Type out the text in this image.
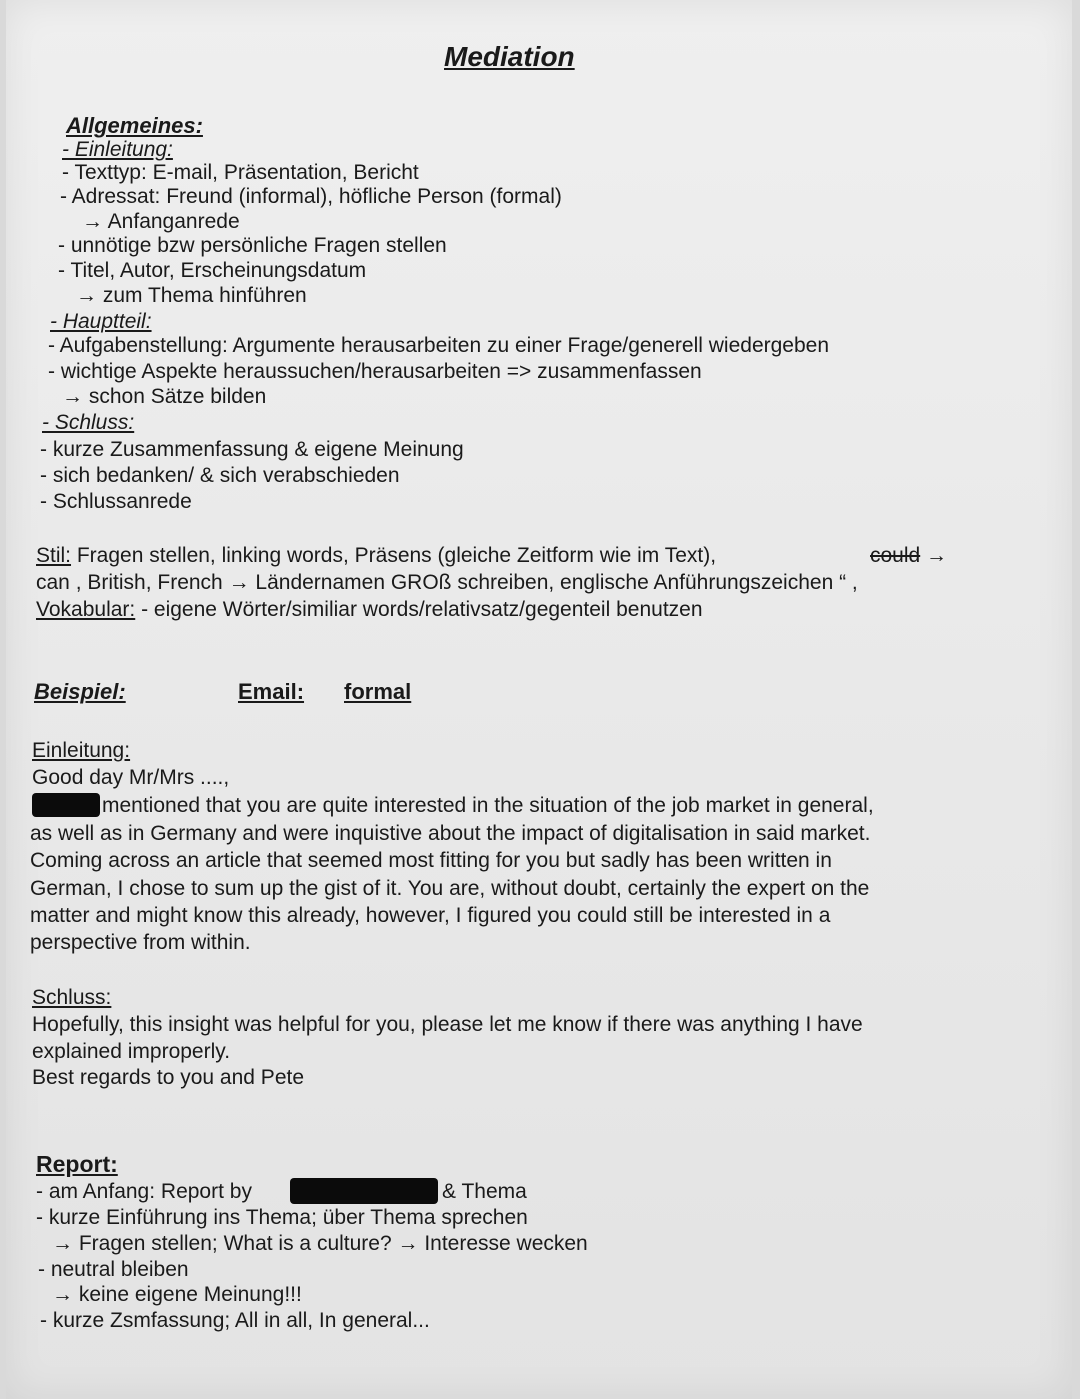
Mediation
Allgemeines:
- Einleitung:
- Texttyp: E-mail, Präsentation, Bericht
- Adressat: Freund (informal), höfliche Person (formal)
→ Anfanganrede
- unnötige bzw persönliche Fragen stellen
- Titel, Autor, Erscheinungsdatum
→ zum Thema hinführen
- Hauptteil:
- Aufgabenstellung: Argumente herausarbeiten zu einer Frage/generell wiedergeben
- wichtige Aspekte heraussuchen/herausarbeiten => zusammenfassen
→ schon Sätze bilden
- Schluss:
- kurze Zusammenfassung & eigene Meinung
- sich bedanken/ & sich verabschieden
- Schlussanrede
Stil: Fragen stellen, linking words, Präsens (gleiche Zeitform wie im Text),	could →
can , British, French → Ländernamen GROß schreiben, englische Anführungszeichen “ ,
Vokabular: - eigene Wörter/similiar words/relativsatz/gegenteil benutzen
Beispiel:	Email: formal
Einleitung:
Good day Mr/Mrs ....,
mentioned that you are quite interested in the situation of the job market in general,
as well as in Germany and were inquistive about the impact of digitalisation in said market.
Coming across an article that seemed most fitting for you but sadly has been written in
German, I chose to sum up the gist of it. You are, without doubt, certainly the expert on the
matter and might know this already, however, I figured you could still be interested in a
perspective from within.
Schluss:
Hopefully, this insight was helpful for you, please let me know if there was anything I have
explained improperly.
Best regards to you and Pete
Report:
- am Anfang: Report by	& Thema
- kurze Einführung ins Thema; über Thema sprechen
→ Fragen stellen; What is a culture? → Interesse wecken
- neutral bleiben
→ keine eigene Meinung!!!
- kurze Zsmfassung; All in all, In general...
